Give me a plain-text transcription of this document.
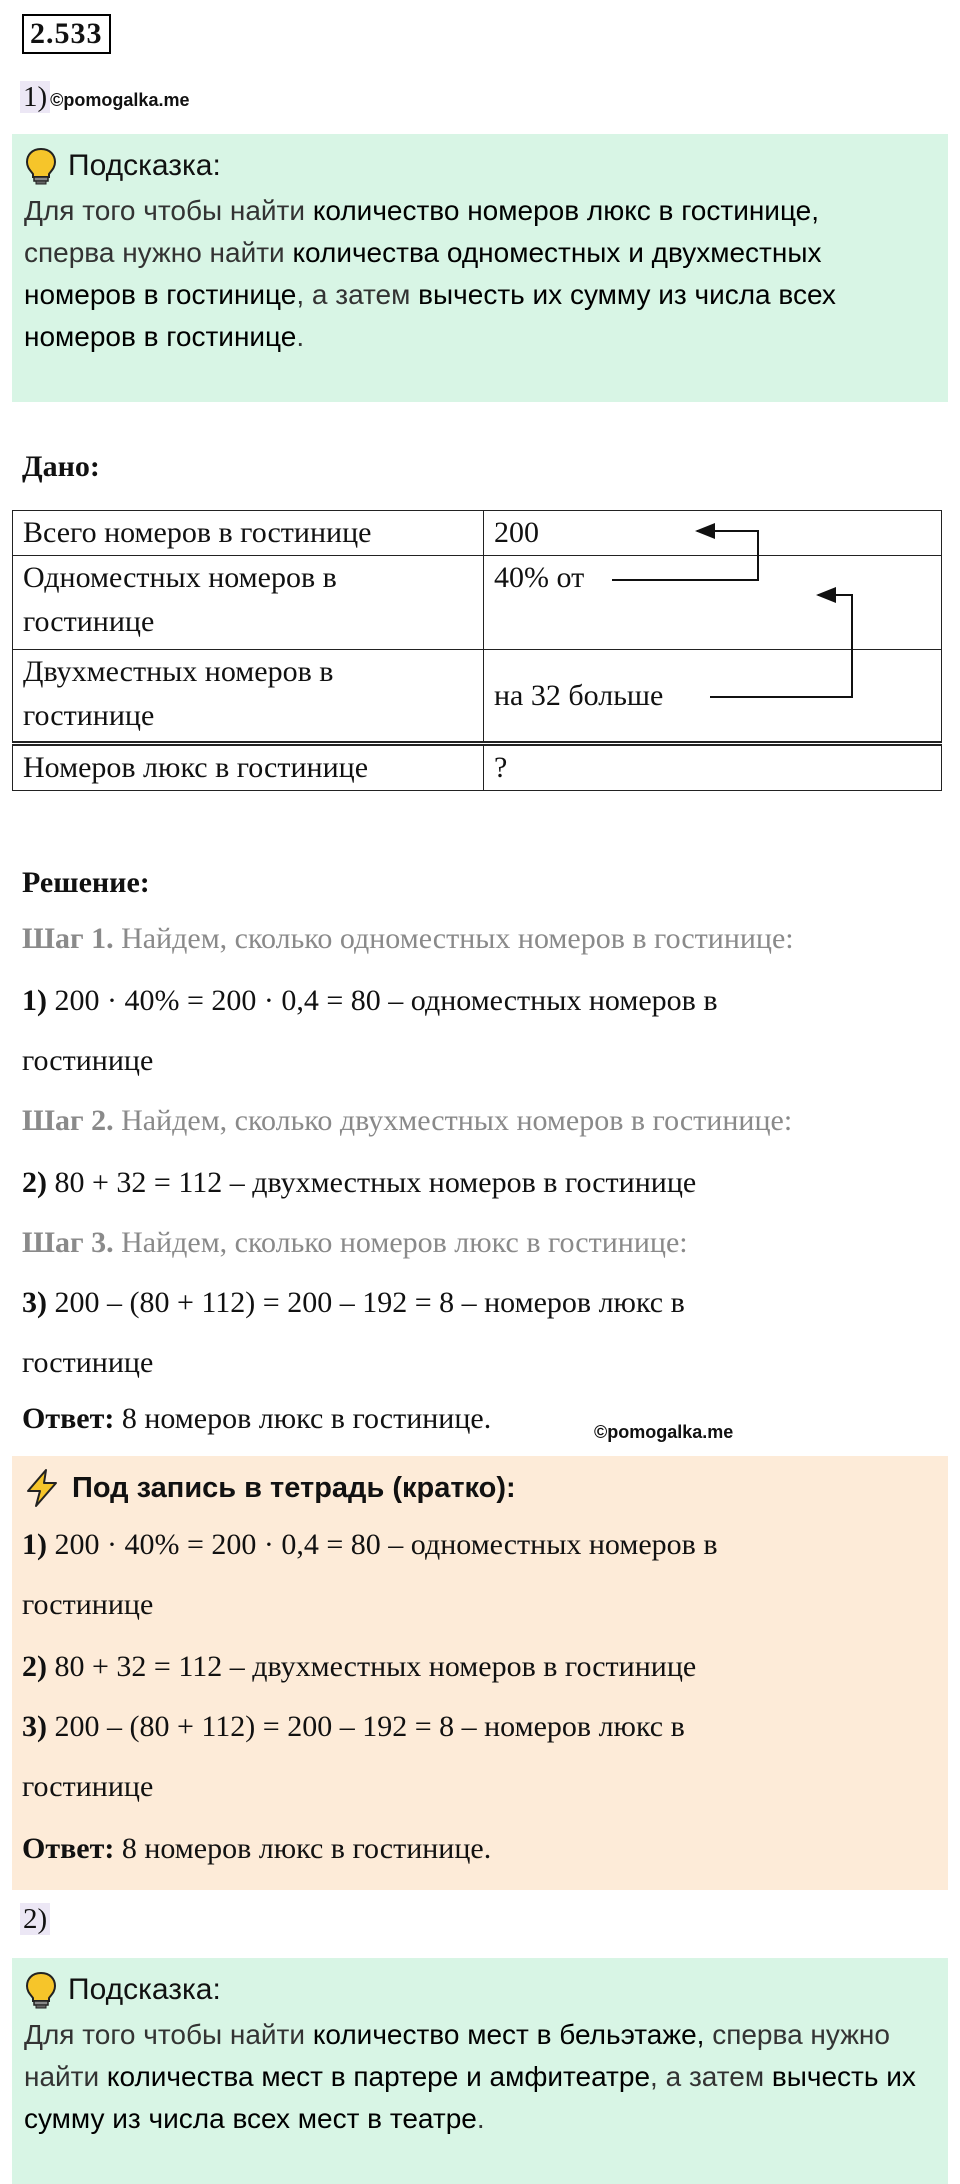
2.533
1) ©pomogalka.me
Подсказка:
Для того чтобы найти количество номеров люкс в гостинице,
сперва нужно найти количества одноместных и двухместных номеров в гостинице, а затем вычесть их сумму из числа всех номеров в гостинице.
Дано:
Всего номеров в гостинице	200
Одноместных номеров в
гостинице	40% от
Двухместных номеров в
гостинице	на 32 больше
Номеров люкс в гостинице	?
Решение:
Шаг 1. Найдем, сколько одноместных номеров в гостинице:
1) 200 · 40% = 200 · 0,4 = 80 – одноместных номеров в
гостинице
Шаг 2. Найдем, сколько двухместных номеров в гостинице:
2) 80 + 32 = 112 – двухместных номеров в гостинице
Шаг 3. Найдем, сколько номеров люкс в гостинице:
3) 200 – (80 + 112) = 200 – 192 = 8 – номеров люкс в
гостинице
Ответ: 8 номеров люкс в гостинице.	©pomogalka.me
Под запись в тетрадь (кратко):
1) 200 · 40% = 200 · 0,4 = 80 – одноместных номеров в
гостинице
2) 80 + 32 = 112 – двухместных номеров в гостинице
3) 200 – (80 + 112) = 200 – 192 = 8 – номеров люкс в
гостинице
Ответ: 8 номеров люкс в гостинице.
2)
Подсказка:
Для того чтобы найти количество мест в бельэтаже, сперва нужно найти количества мест в партере и амфитеатре, а затем вычесть их сумму из числа всех мест в театре.
